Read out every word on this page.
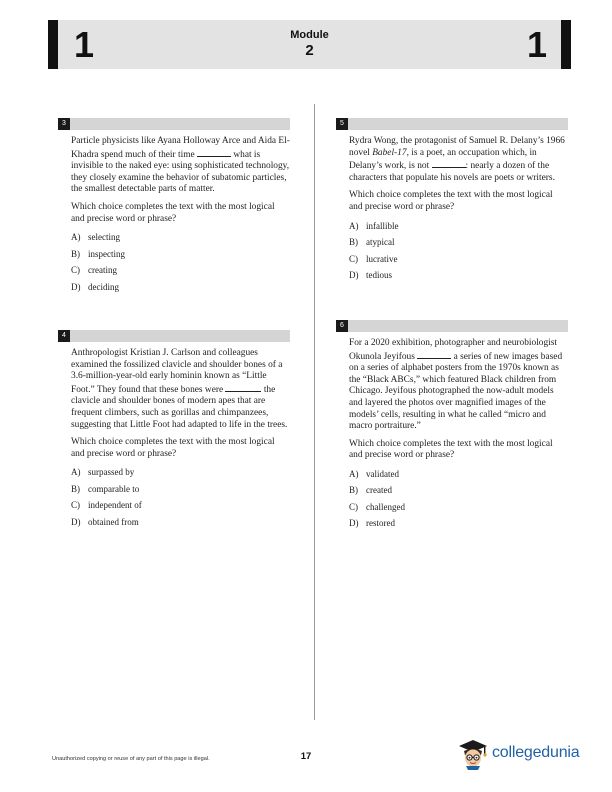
1	Module
2	1
3

Particle physicists like Ayana Holloway Arce and Aida El-Khadra spend much of their time	what is invisible to the naked eye: using sophisticated technology, they closely examine the behavior of subatomic particles, the smallest detectable parts of matter.

Which choice completes the text with the most logical and precise word or phrase?

A) selecting
B) inspecting
C) creating
D) deciding
4

Anthropologist Kristian J. Carlson and colleagues examined the fossilized clavicle and shoulder bones of a 3.6-million-year-old early hominin known as “Little Foot.” They found that these bones were	the clavicle and shoulder bones of modern apes that are frequent climbers, such as gorillas and chimpanzees, suggesting that Little Foot had adapted to life in the trees.

Which choice completes the text with the most logical and precise word or phrase?

A) surpassed by
B) comparable to
C) independent of
D) obtained from
5

Rydra Wong, the protagonist of Samuel R. Delany’s 1966 novel Babel-17, is a poet, an occupation which, in Delany’s work, is not	: nearly a dozen of the characters that populate his novels are poets or writers.

Which choice completes the text with the most logical and precise word or phrase?

A) infallible
B) atypical
C) lucrative
D) tedious
6

For a 2020 exhibition, photographer and neurobiologist Okunola Jeyifous	a series of new images based on a series of alphabet posters from the 1970s known as the “Black ABCs,” which featured Black children from Chicago. Jeyifous photographed the now-adult models and layered the photos over magnified images of the models’ cells, resulting in what he called “micro and macro portraiture.”

Which choice completes the text with the most logical and precise word or phrase?

A) validated
B) created
C) challenged
D) restored
Unauthorized copying or reuse of any part of this page is illegal.	17	collegedunia
